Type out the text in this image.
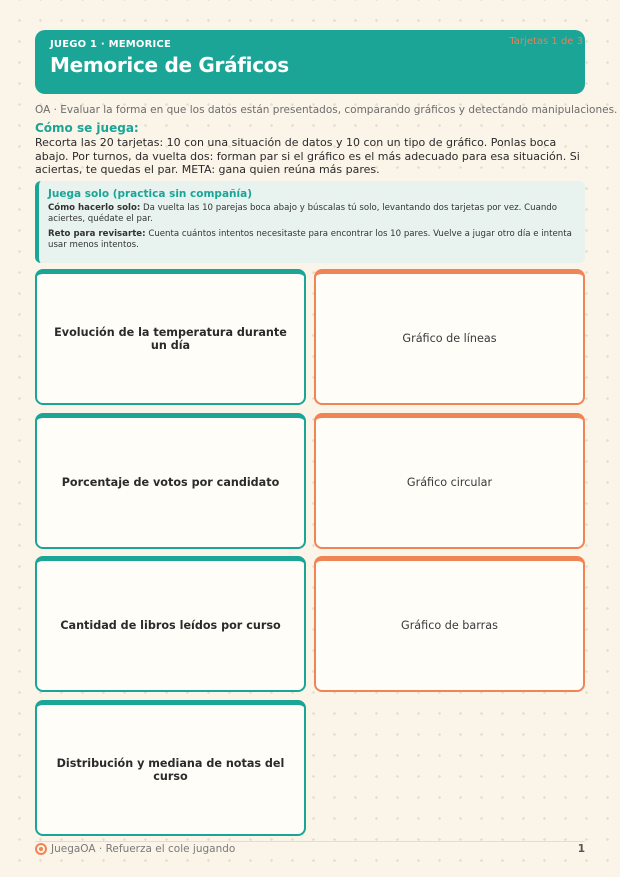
JUEGO 1 · MEMORICE
Memorice de Gráficos
Tarjetas 1 de 3
OA · Evaluar la forma en que los datos están presentados, comparando gráficos y detectando manipulaciones.
Cómo se juega:
Recorta las 20 tarjetas: 10 con una situación de datos y 10 con un tipo de gráfico. Ponlas boca abajo. Por turnos, da vuelta dos: forman par si el gráfico es el más adecuado para esa situación. Si aciertas, te quedas el par. META: gana quien reúna más pares.
Juega solo (practica sin compañía)
Cómo hacerlo solo: Da vuelta las 10 parejas boca abajo y búscalas tú solo, levantando dos tarjetas por vez. Cuando aciertes, quédate el par.
Reto para revisarte: Cuenta cuántos intentos necesitaste para encontrar los 10 pares. Vuelve a jugar otro día e intenta usar menos intentos.
Evolución de la temperatura durante un día	Gráfico de líneas
Porcentaje de votos por candidato	Gráfico circular
Cantidad de libros leídos por curso	Gráfico de barras
Distribución y mediana de notas del curso
JuegaOA · Refuerza el cole jugando	1
